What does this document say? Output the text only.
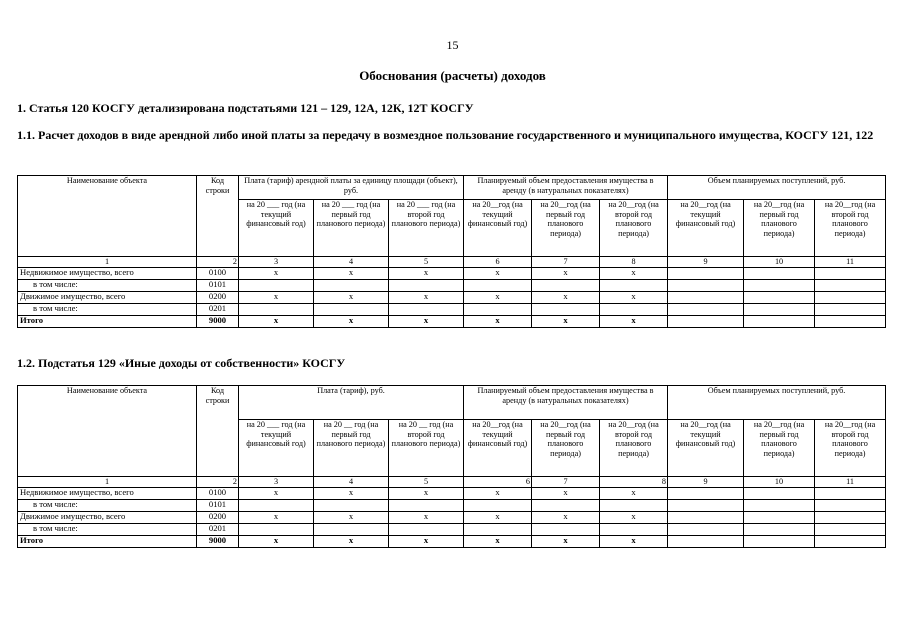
15
Обоснования (расчеты) доходов
1. Статья 120 КОСГУ детализирована подстатьями 121 – 129, 12А, 12К, 12Т КОСГУ
1.1. Расчет доходов в виде арендной либо иной платы за передачу в возмездное пользование государственного и муниципального имущества, КОСГУ 121, 122
Наименование объекта	Код строки	Плата (тариф) арендной платы за единицу площади (объект), руб.			Планируемый объем предоставления имущества в аренду (в натуральных показателях)			Объем планируемых поступлений, руб.		
		на 20 ___ год (на текущий финансовый год)	на 20 ___ год (на первый год планового периода)	на 20 ___ год (на второй год планового периода)	на 20__год (на текущий финансовый год)	на 20__год (на первый год планового периода)	на 20__год (на второй год планового периода)	на 20__год (на текущий финансовый год)	на 20__год (на первый год планового периода)	на 20__год (на второй год планового периода)
1	2	3	4	5	6	7	8	9	10	11
Недвижимое имущество, всего	0100	x	x	x	x	x	x			
в том числе:	0101									
Движимое имущество, всего	0200	x	x	x	x	x	x			
в том числе:	0201									
Итого	9000	x	x	x	x	x	x			
1.2. Подстатья 129 «Иные доходы от собственности» КОСГУ
Наименование объекта	Код строки	Плата (тариф), руб.			Планируемый объем предоставления имущества в аренду (в натуральных показателях)			Объем планируемых поступлений, руб.		
		на 20 ___ год (на текущий финансовый год)	на 20 __ год (на первый год планового периода)	на 20 __ год (на второй год планового периода)	на 20__год (на текущий финансовый год)	на 20__год (на первый год планового периода)	на 20__год (на второй год планового периода)	на 20__год (на текущий финансовый год)	на 20__год (на первый год планового периода)	на 20__год (на второй год планового периода)
1	2	3	4	5	6	7	8	9	10	11
Недвижимое имущество, всего	0100	x	x	x	x	x	x			
в том числе:	0101									
Движимое имущество, всего	0200	x	x	x	x	x	x			
в том числе:	0201									
Итого	9000	x	x	x	x	x	x			
